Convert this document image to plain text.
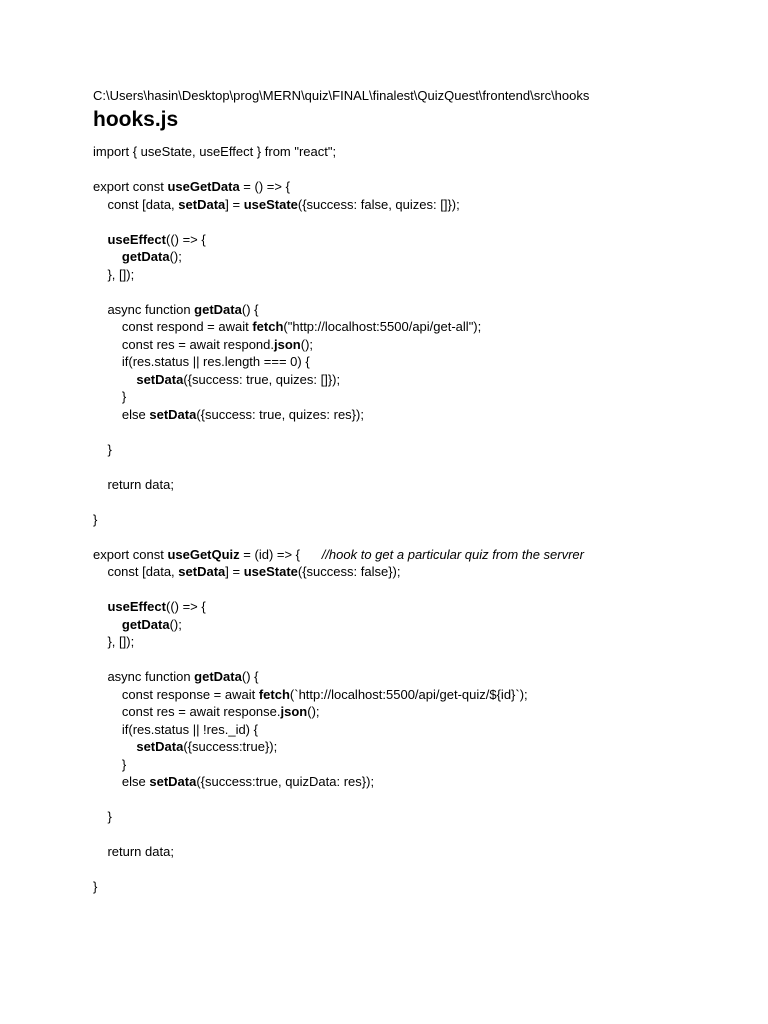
C:\Users\hasin\Desktop\prog\MERN\quiz\FINAL\finalest\QuizQuest\frontend\src\hooks
hooks.js
import { useState, useEffect } from "react";
export const useGetData = () => {
const [data, setData] = useState({success: false, quizes: []});
useEffect(() => {
getData();
}, []);
async function getData() {
const respond = await fetch("http://localhost:5500/api/get-all");
const res = await respond.json();
if(res.status || res.length === 0) {
setData({success: true, quizes: []});
}
else setData({success: true, quizes: res});
}
return data;
}
export const useGetQuiz = (id) => {      //hook to get a particular quiz from the servrer
const [data, setData] = useState({success: false});
useEffect(() => {
getData();
}, []);
async function getData() {
const response = await fetch(`http://localhost:5500/api/get-quiz/${id}`);
const res = await response.json();
if(res.status || !res._id) {
setData({success:true});
}
else setData({success:true, quizData: res});
}
return data;
}
